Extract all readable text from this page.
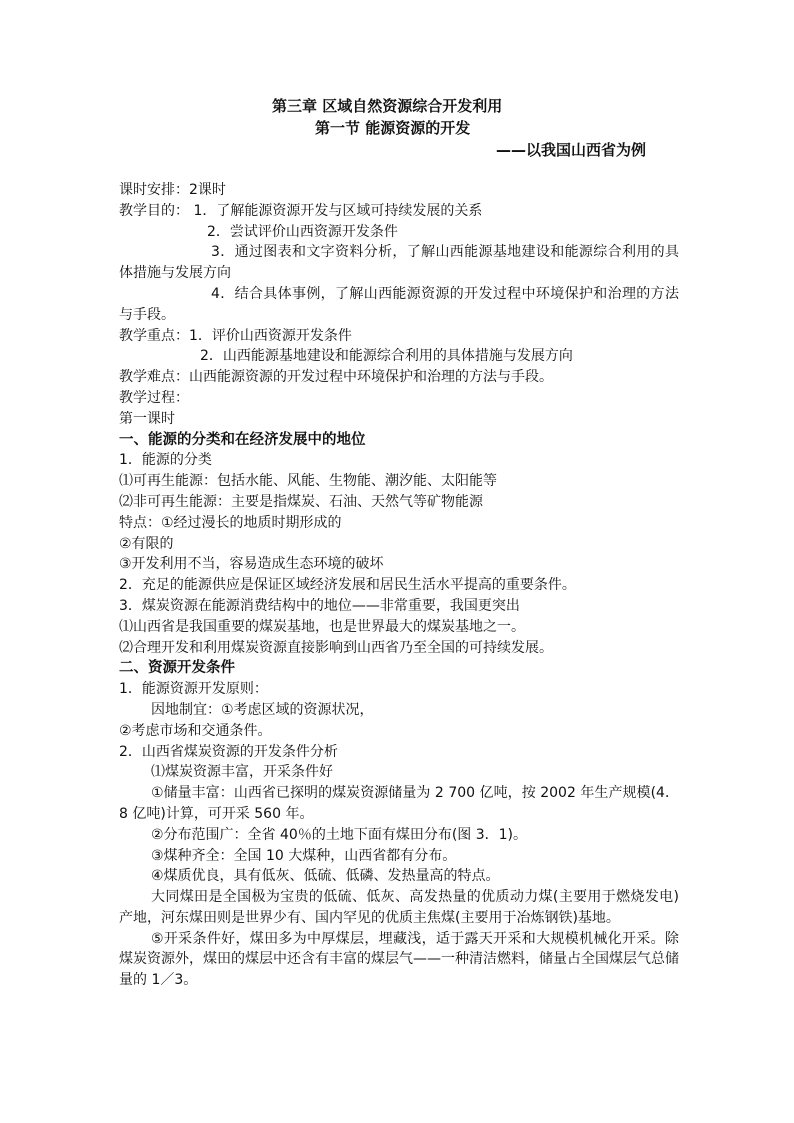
第三章 区域自然资源综合开发利用
第一节 能源资源的开发
——以我国山西省为例
课时安排：2课时
教学目的： 1．了解能源资源开发与区域可持续发展的关系
2．尝试评价山西资源开发条件
3．通过图表和文字资料分析，了解山西能源基地建设和能源综合利用的具体措施与发展方向
4．结合具体事例，了解山西能源资源的开发过程中环境保护和治理的方法与手段。
教学重点：1．评价山西资源开发条件
2．山西能源基地建设和能源综合利用的具体措施与发展方向
教学难点：山西能源资源的开发过程中环境保护和治理的方法与手段。
教学过程：
第一课时
一、能源的分类和在经济发展中的地位
1．能源的分类
⑴可再生能源：包括水能、风能、生物能、潮汐能、太阳能等
⑵非可再生能源：主要是指煤炭、石油、天然气等矿物能源
特点：①经过漫长的地质时期形成的
②有限的
③开发利用不当，容易造成生态环境的破坏
2．充足的能源供应是保证区域经济发展和居民生活水平提高的重要条件。
3．煤炭资源在能源消费结构中的地位——非常重要，我国更突出
⑴山西省是我国重要的煤炭基地，也是世界最大的煤炭基地之一。
⑵合理开发和利用煤炭资源直接影响到山西省乃至全国的可持续发展。
二、资源开发条件
1．能源资源开发原则：
因地制宜：①考虑区域的资源状况，
②考虑市场和交通条件。
2．山西省煤炭资源的开发条件分析
⑴煤炭资源丰富，开采条件好
①储量丰富：山西省已探明的煤炭资源储量为 2 700 亿吨，按 2002 年生产规模(4．8 亿吨)计算，可开采 560 年。
②分布范围广：全省 40％的土地下面有煤田分布(图 3．1)。
③煤种齐全：全国 10 大煤种，山西省都有分布。
④煤质优良，具有低灰、低硫、低磷、发热量高的特点。
大同煤田是全国极为宝贵的低硫、低灰、高发热量的优质动力煤(主要用于燃烧发电)产地，河东煤田则是世界少有、国内罕见的优质主焦煤(主要用于冶炼钢铁)基地。
⑤开采条件好，煤田多为中厚煤层，埋藏浅，适于露天开采和大规模机械化开采。除煤炭资源外，煤田的煤层中还含有丰富的煤层气——一种清洁燃料，储量占全国煤层气总储量的 1／3。
